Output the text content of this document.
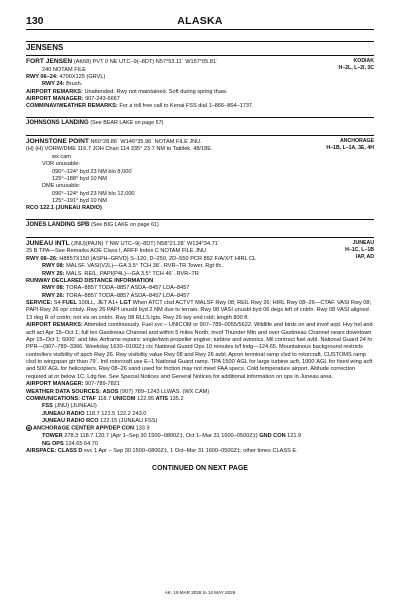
130	ALASKA
JENSENS
KODIAK
H–2L, L–2I, 3C
FORT JENSEN (AK68) PVT 0 NE UTC–9(–8DT) N57°53.11´ W157°05.81´
240 NOTAM FILE
RWY 06–24: 4700X125 (GRVL)
RWY 24: Brush.
AIRPORT REMARKS: Unattended. Rwy not maintained. Soft during spring thaw.
AIRPORT MANAGER: 907-243-6667
COMM/NAV/WEATHER REMARKS: For a toll free call to Kenai FSS dial 1–866–864–1737.
JOHNSONS LANDING (See BEAR LAKE on page 57)
ANCHORAGE
H–1B, L–1A, 3E, 4H
JOHNSTONE POINT N60°28.86´ W146°35.96´ NOTAM FILE JNU.
(H) (H) VORW/DME 116.7 JOH Chan 114 335° 23.7 NM to Tatitlek. 48/18E.
wx cam
VOR unusable:
090°–124° byd 23 NM blo 8,000´
125°–188° byd 10 NM
DME unusable:
090°–124° byd 23 NM blo 12,000´
125°–191° byd 10 NM
RCO 122.1 (JUNEAU RADIO)
JONES LANDING SPB (See BIG LAKE on page 61)
JUNEAU
H–1C, L–1B
IAP, AD
JUNEAU INTL (JNU)(PAJN) 7 NW UTC–9(–8DT) N58°21.28´ W134°34.71´
25 B TPA—See Remarks AOE Class I, ARFF Index C NOTAM FILE JNU
RWY 08–26: H8857X150 (ASPH–GRVD) S–120, D–250, 2D–550 PCR 892 F/A/X/T HIRL CL
RWY 08: MALSF. VASI(V2L)—GA 3.5° TCH 38´. RVR–TR Tower. Rgt tfc.
RWY 26: MALS. REIL. PAPI(P4L)—GA 3.5° TCH 46´. RVR–TR
RUNWAY DECLARED DISTANCE INFORMATION
RWY 08: TORA–8857 TODA–8857 ASDA–8457 LDA–8457
RWY 26: TORA–8857 TODA–8857 ASDA–8457 LDA–8457
SERVICE: S4 FUEL 100LL, JET A1+ LGT When ATCT clsd ACTVT MALSF Rwy 08; REIL Rwy 26; HIRL Rwy 08–26—CTAF. VASI Rwy 08; PAPI Rwy 26 opr cntsly. Rwy 26 PAPI unusbl byd 2 NM due to terrain. Rwy 08 VASI unusbl byd 06 degs left of cntrln. Rwy 08 VASI aligned 13 deg R of cntrln; not vis on cntrln. Rwy 08 RLLS lgts. Rwy 26 twy end rstd; length 800 ft.
AIRPORT REMARKS: Attended continuously. Fuel svc – UNICOM or 907–789–0055/5622. Wildlife and birds on and invof arpt. Hvy hel and acft act Apr 15–Oct 1; full len Gastineau Channel and within 5 miles North; invof Thunder Mtn and over Gastineau Channel nears downtown Apr 15–Oct 1; 6000´ and blw. Airframe repairs: single/twin propeller engine; turbine and avionics. Mil contract fuel avbl. National Guard 24 hr PPR—(907–789–3366. Weekday 1630–0100Z‡ ctc National Guard Ops 10 minutes b/f lndg—124.65. Mountainous background restricts controllers visibility of apch Rwy 26. Rwy visibility value Rwy 08 and Rwy 26 avbl. Apron terminal ramp clsd to rotorcraft. CUSTOMS ramp clsd to wingspan gtr than 79´. Intl rotorcraft use E–1 National Guard ramp. TPA 1500´AGL for large turbine acft, 1000´AGL for fixed wing acft and 500´AGL for helicopters. Rwy 08–26 sand used for friction may not meet FAA specs. Cold temperature airport. Altitude correction required at or below 1C. Ldg fee. See Special Notices and General Notices for additional information on ops in Juneau area.
AIRPORT MANAGER: 907-789-7821
WEATHER DATA SOURCES: ASOS (907) 789–1243 LLWAS. (WX CAM)
COMMUNICATIONS: CTAF 118.7 UNICOM 122.95 ATIS 135.2
FSS (JNU) (JUNEAU)
JUNEAU RADIO 118.7 121.5 122.2 243.0
JUNEAU RADIO RCO 122.15 (JUNEAU FSS)
R ANCHORAGE CENTER APP/DEP CON 133.9
TOWER 278.3 118.7 120.7 (Apr 1–Sep 30 1500–0800Z‡, Oct 1–Mar 31 1600–0500Z‡) GND CON 121.9
NG OPS 124.65 64.70
AIRSPACE: CLASS D svc 1 Apr – Sep 30 1500–0800Z‡, 1 Oct–Mar 31 1600–0500Z‡; other times CLASS E.
CONTINUED ON NEXT PAGE
AK, 19 MAR 2026 to 14 MAY 2026
